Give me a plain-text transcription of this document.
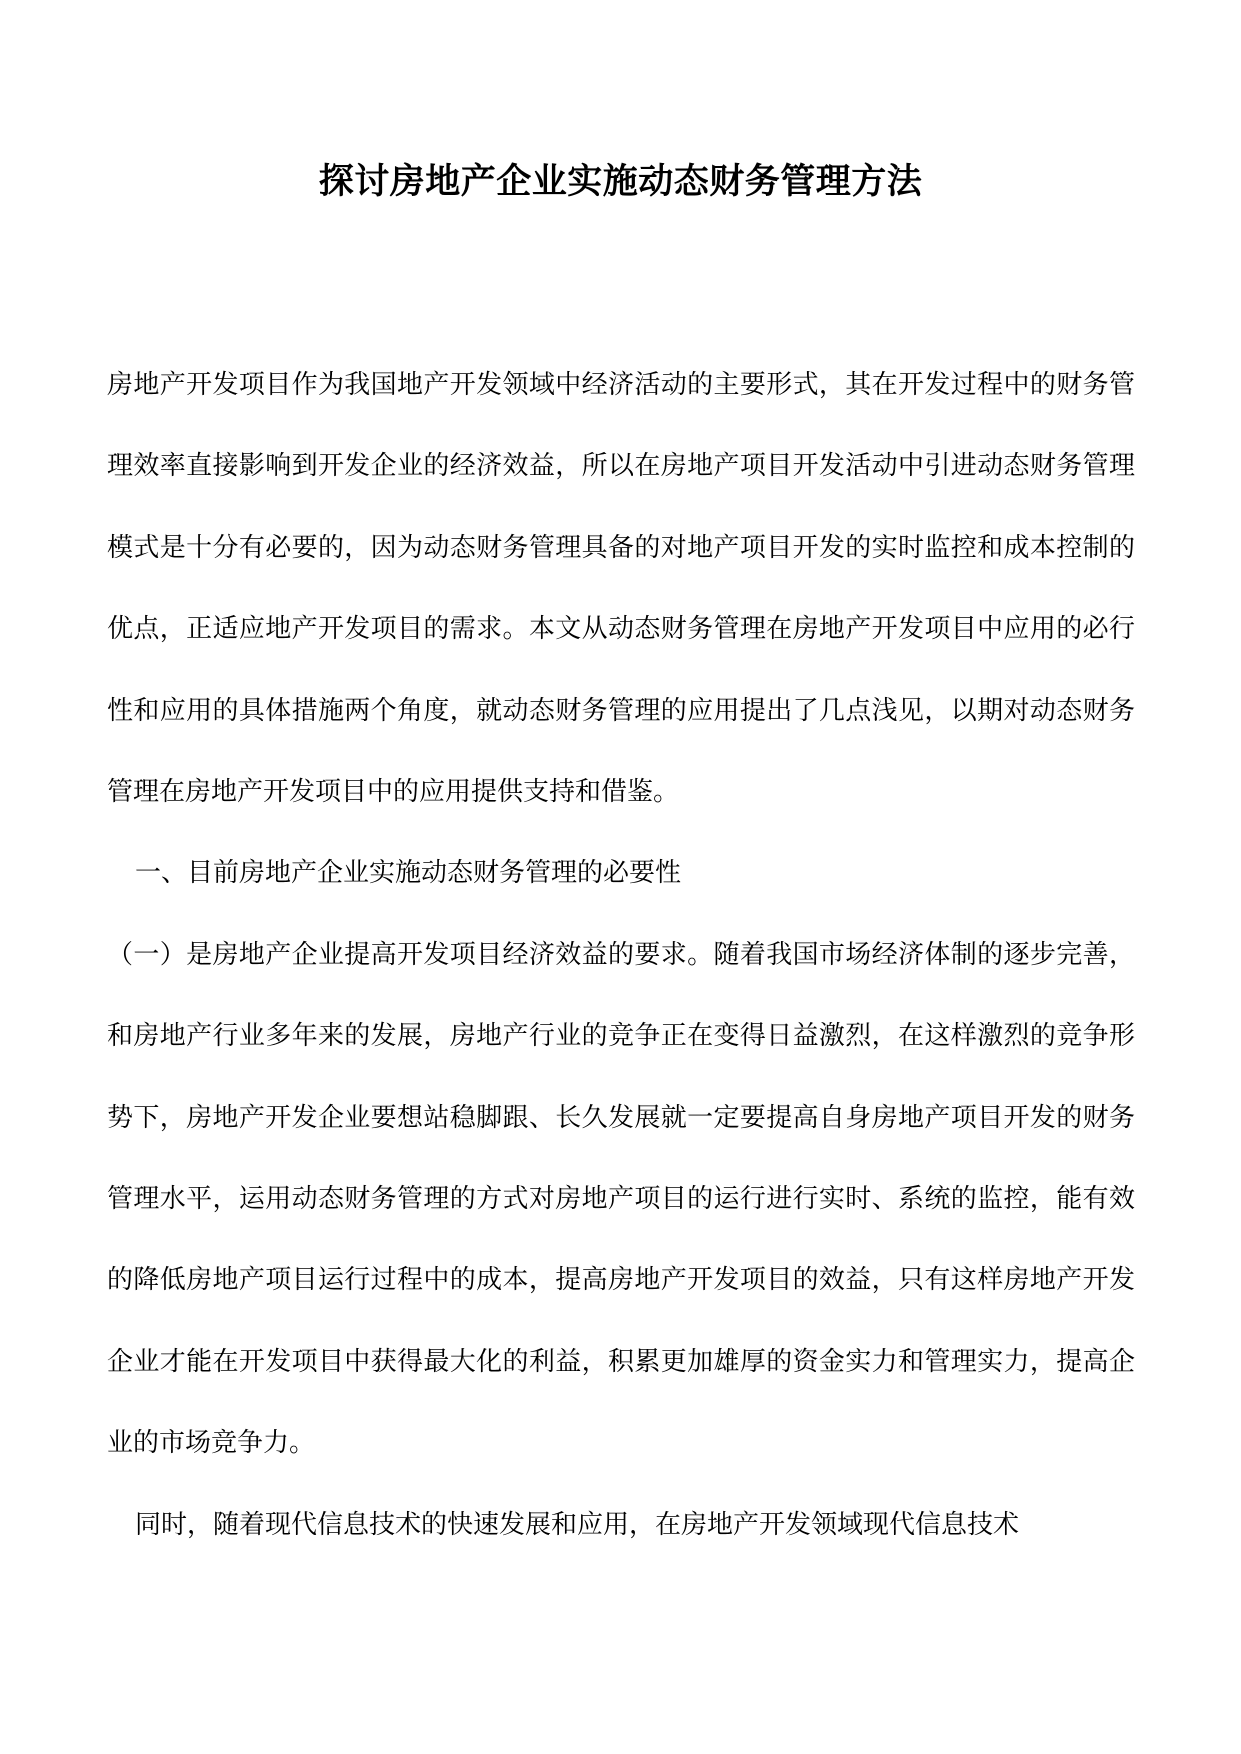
探讨房地产企业实施动态财务管理方法

房地产开发项目作为我国地产开发领域中经济活动的主要形式，其在开发过程中的财务管理效率直接影响到开发企业的经济效益，所以在房地产项目开发活动中引进动态财务管理模式是十分有必要的，因为动态财务管理具备的对地产项目开发的实时监控和成本控制的优点，正适应地产开发项目的需求。本文从动态财务管理在房地产开发项目中应用的必行性和应用的具体措施两个角度，就动态财务管理的应用提出了几点浅见，以期对动态财务管理在房地产开发项目中的应用提供支持和借鉴。

一、目前房地产企业实施动态财务管理的必要性

（一）是房地产企业提高开发项目经济效益的要求。随着我国市场经济体制的逐步完善，和房地产行业多年来的发展，房地产行业的竞争正在变得日益激烈，在这样激烈的竞争形势下，房地产开发企业要想站稳脚跟、长久发展就一定要提高自身房地产项目开发的财务管理水平，运用动态财务管理的方式对房地产项目的运行进行实时、系统的监控，能有效的降低房地产项目运行过程中的成本，提高房地产开发项目的效益，只有这样房地产开发企业才能在开发项目中获得最大化的利益，积累更加雄厚的资金实力和管理实力，提高企业的市场竞争力。

同时，随着现代信息技术的快速发展和应用，在房地产开发领域现代信息技术
